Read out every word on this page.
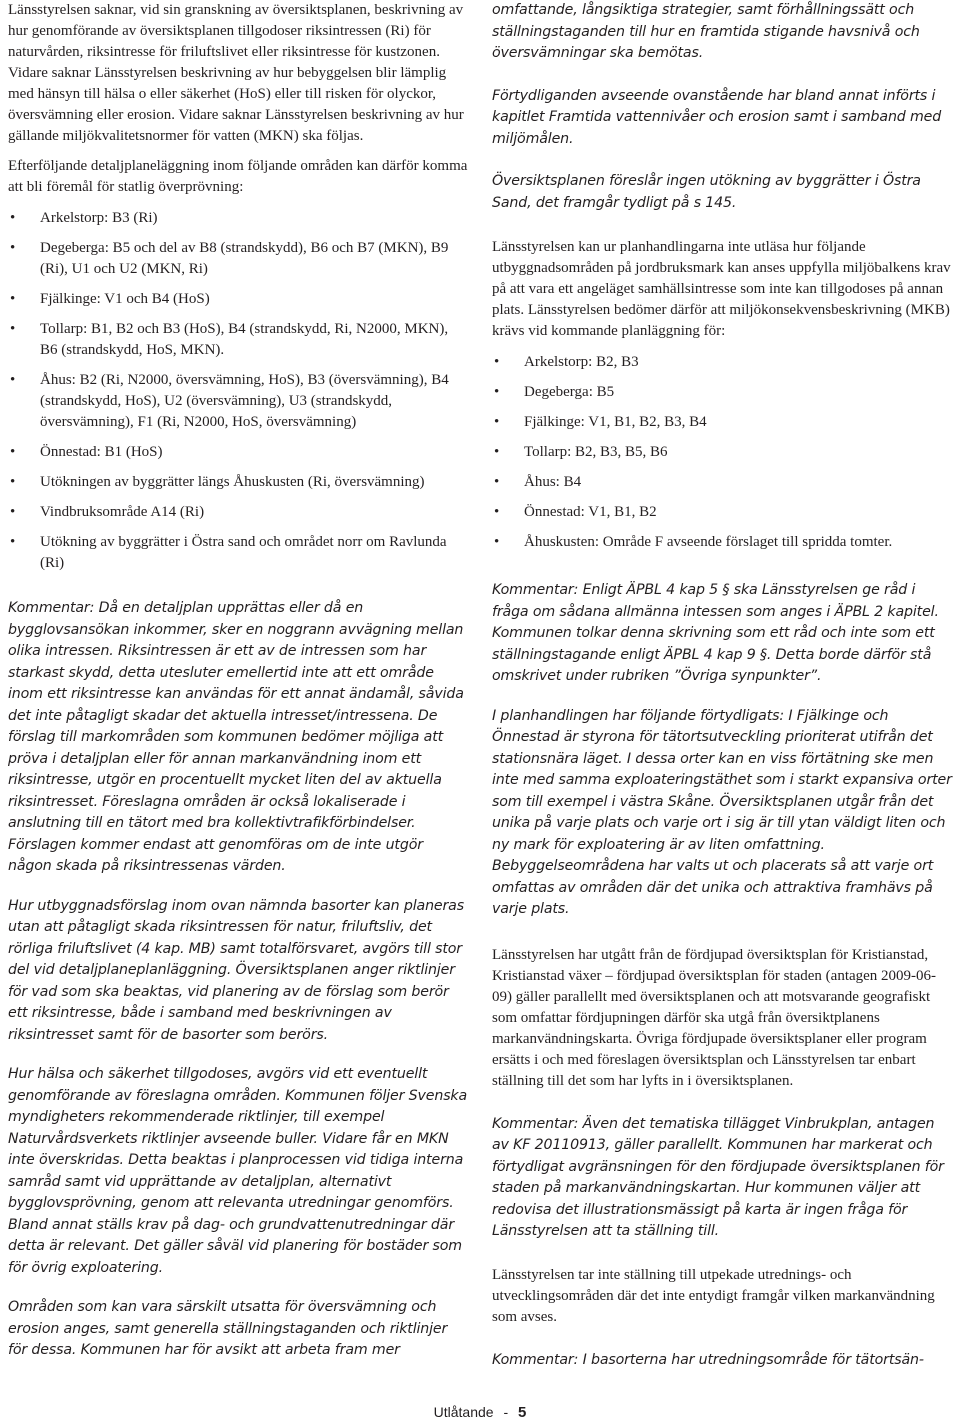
Länsstyrelsen saknar, vid sin granskning av översiktsplanen, beskrivning av hur genomförande av översiktsplanen tillgodoser riksintressen (Ri) för naturvården, riksintresse för friluftslivet eller riksintresse för kustzonen. Vidare saknar Länsstyrelsen beskrivning av hur bebyggelsen blir lämplig med hänsyn till hälsa o eller säkerhet (HoS) eller till risken för olyckor, översvämning eller erosion. Vidare saknar Länsstyrelsen beskrivning av hur gällande miljökvalitetsnormer för vatten (MKN) ska följas.

Efterföljande detaljplaneläggning inom följande områden kan därför komma att bli föremål för statlig överprövning:

• Arkelstorp: B3 (Ri)
• Degeberga: B5 och del av B8 (strandskydd), B6 och B7 (MKN), B9 (Ri), U1 och U2 (MKN, Ri)
• Fjälkinge: V1 och B4 (HoS)
• Tollarp: B1, B2 och B3 (HoS), B4 (strandskydd, Ri, N2000, MKN), B6 (strandskydd, HoS, MKN).
• Åhus: B2 (Ri, N2000, översvämning, HoS), B3 (översvämning), B4 (strandskydd, HoS), U2 (översvämning), U3 (strandskydd, översvämning), F1 (Ri, N2000, HoS, översvämning)
• Önnestad: B1 (HoS)
• Utökningen av byggrätter längs Åhuskusten (Ri, översvämning)
• Vindbruksområde A14 (Ri)
• Utökning av byggrätter i Östra sand och området norr om Ravlunda (Ri)

Kommentar: Då en detaljplan upprättas eller då en bygglovsansökan inkommer, sker en noggrann avvägning mellan olika intressen. Riksintressen är ett av de intressen som har starkast skydd, detta utesluter emellertid inte att ett område inom ett riksintresse kan användas för ett annat ändamål, såvida det inte påtagligt skadar det aktuella intresset/intressena. De förslag till markområden som kommunen bedömer möjliga att pröva i detaljplan eller för annan markanvändning inom ett riksintresse, utgör en procentuellt mycket liten del av aktuella riksintresset. Föreslagna områden är också lokaliserade i anslutning till en tätort med bra kollektivtrafikförbindelser. Förslagen kommer endast att genomföras om de inte utgör någon skada på riksintressenas värden.

Hur utbyggnadsförslag inom ovan nämnda basorter kan planeras utan att påtagligt skada riksintressen för natur, friluftsliv, det rörliga friluftslivet (4 kap. MB) samt totalförsvaret, avgörs till stor del vid detaljplaneplanläggning. Översiktsplanen anger riktlinjer för vad som ska beaktas, vid planering av de förslag som berör ett riksintresse, både i samband med beskrivningen av riksintresset samt för de basorter som berörs.

Hur hälsa och säkerhet tillgodoses, avgörs vid ett eventuellt genomförande av föreslagna områden. Kommunen följer Svenska myndigheters rekommenderade riktlinjer, till exempel Naturvårdsverkets riktlinjer avseende buller. Vidare får en MKN inte överskridas. Detta beaktas i planprocessen vid tidiga interna samråd samt vid upprättande av detaljplan, alternativt bygglovsprövning, genom att relevanta utredningar genomförs. Bland annat ställs krav på dag- och grundvattenutredningar där detta är relevant. Det gäller såväl vid planering för bostäder som för övrig exploatering.

Områden som kan vara särskilt utsatta för översvämning och erosion anges, samt generella ställningstaganden och riktlinjer för dessa. Kommunen har för avsikt att arbeta fram mer

omfattande, långsiktiga strategier, samt förhållningssätt och ställningstaganden till hur en framtida stigande havsnivå och översvämningar ska bemötas.

Förtydliganden avseende ovanstående har bland annat införts i kapitlet Framtida vattennivåer och erosion samt i samband med miljömålen.

Översiktsplanen föreslår ingen utökning av byggrätter i Östra Sand, det framgår tydligt på s 145.

Länsstyrelsen kan ur planhandlingarna inte utläsa hur följande utbyggnadsområden på jordbruksmark kan anses uppfylla miljöbalkens krav på att vara ett angeläget samhällsintresse som inte kan tillgodoses på annan plats. Länsstyrelsen bedömer därför att miljökonsekvensbeskrivning (MKB) krävs vid kommande planläggning för:

• Arkelstorp: B2, B3
• Degeberga: B5
• Fjälkinge: V1, B1, B2, B3, B4
• Tollarp: B2, B3, B5, B6
• Åhus: B4
• Önnestad: V1, B1, B2
• Åhuskusten: Område F avseende förslaget till spridda tomter.

Kommentar: Enligt ÄPBL 4 kap 5 § ska Länsstyrelsen ge råd i fråga om sådana allmänna intessen som anges i ÄPBL 2 kapitel. Kommunen tolkar denna skrivning som ett råd och inte som ett ställningstagande enligt ÄPBL 4 kap 9 §. Detta borde därför stå omskrivet under rubriken ”Övriga synpunkter”.

I planhandlingen har följande förtydligats: I Fjälkinge och Önnestad är styrona för tätortsutveckling prioriterat utifrån det stationsnära läget. I dessa orter kan en viss förtätning ske men inte med samma exploateringstäthet som i starkt expansiva orter som till exempel i västra Skåne. Översiktsplanen utgår från det unika på varje plats och varje ort i sig är till ytan väldigt liten och ny mark för exploatering är av liten omfattning. Bebyggelseområdena har valts ut och placerats så att varje ort omfattas av områden där det unika och attraktiva framhävs på varje plats.

Länsstyrelsen har utgått från de fördjupad översiktsplan för Kristianstad, Kristianstad växer – fördjupad översiktsplan för staden (antagen 2009-06-09) gäller parallellt med översiktsplanen och att motsvarande geografiskt som omfattar fördjupningen därför ska utgå från översiktplanens markanvändningskarta. Övriga fördjupade översiktsplaner eller program ersätts i och med föreslagen översiktsplan och Länsstyrelsen tar enbart ställning till det som har lyfts in i översiktsplanen.

Kommentar: Även det tematiska tillägget Vinbrukplan, antagen av KF 20110913, gäller parallellt. Kommunen har markerat och förtydligat avgränsningen för den fördjupade översiktsplanen för staden på markanvändningskartan. Hur kommunen väljer att redovisa det illustrationsmässigt på karta är ingen fråga för Länsstyrelsen att ta ställning till.

Länsstyrelsen tar inte ställning till utpekade utrednings- och utvecklingsområden där det inte entydigt framgår vilken markanvändning som avses.

Kommentar: I basorterna har utredningsområde för tätortsän-

Utlåtande - 5
